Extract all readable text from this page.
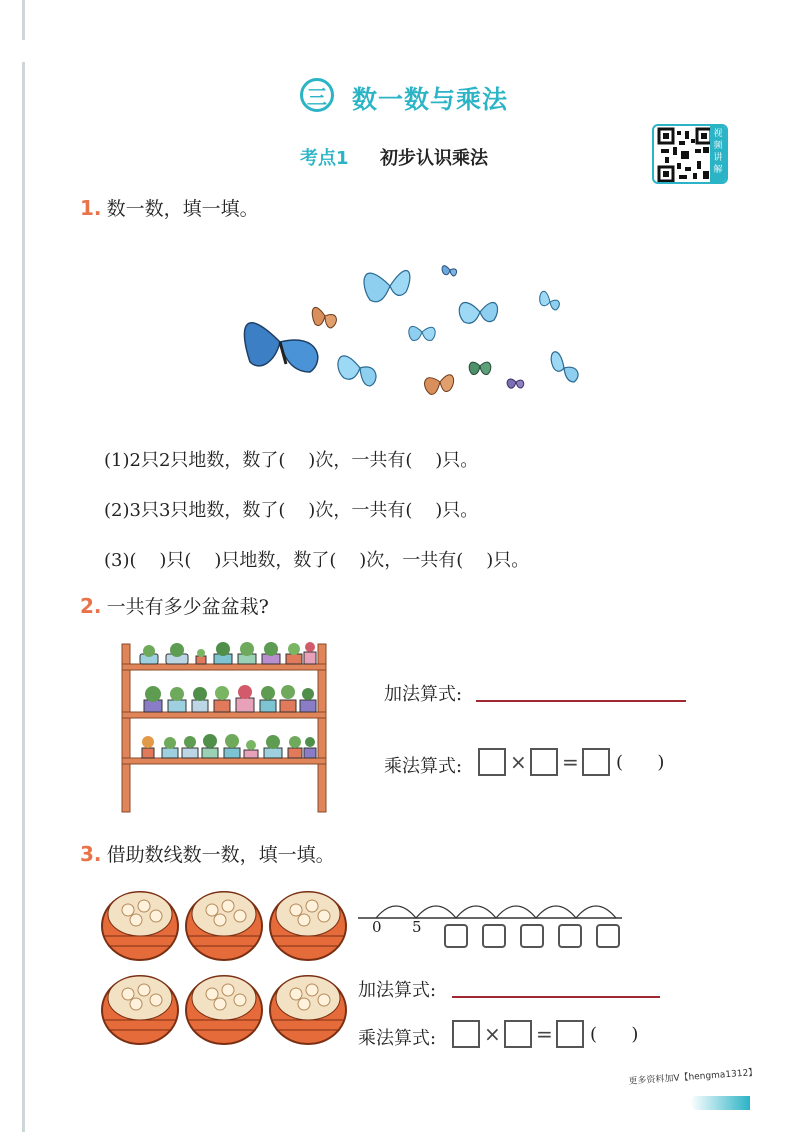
三 数一数与乘法
考点1 初步认识乘法
视频讲解
1. 数一数，填一填。
(1)2只2只地数，数了(    )次，一共有(    )只。
(2)3只3只地数，数了(    )次，一共有(    )只。
(3)(    )只(    )只地数，数了(    )次，一共有(    )只。
2. 一共有多少盆盆栽?
加法算式:
乘法算式: × = (      )
3. 借助数线数一数，填一填。
0 5
加法算式:
乘法算式: × = (      )
更多资料加V【hengma1312】
